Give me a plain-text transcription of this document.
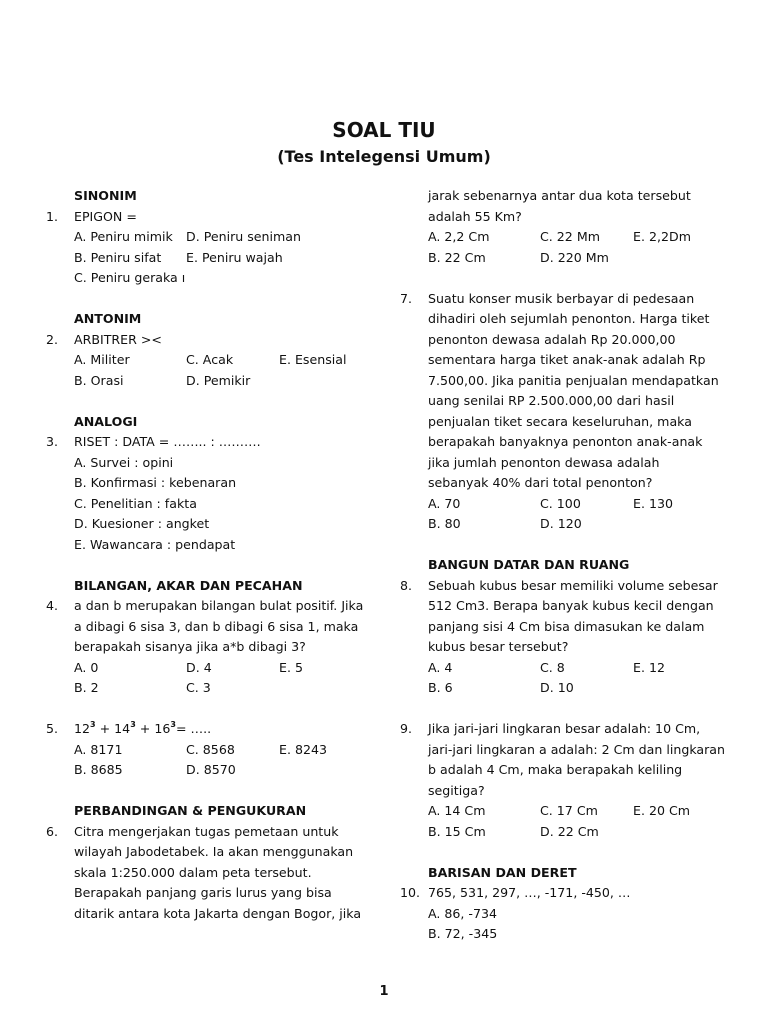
SOAL TIU
(Tes Intelegensi Umum)
SINONIM
1.	EPIGON =
A. Peniru mimik	D. Peniru seniman
B. Peniru sifat	E. Peniru wajah
C. Peniru geraka ı
ANTONIM
2.	ARBITRER ><
A. Militer	C. Acak	E. Esensial
B. Orasi	D. Pemikir
ANALOGI
3.	RISET : DATA = …….. : ……….
A. Survei : opini
B. Konfirmasi : kebenaran
C. Penelitian : fakta
D. Kuesioner : angket
E. Wawancara : pendapat
BILANGAN, AKAR DAN PECAHAN
4.	a dan b merupakan bilangan bulat positif. Jika
a dibagi 6 sisa 3, dan b dibagi 6 sisa 1, maka
berapakah sisanya jika a*b dibagi 3?
A. 0	D. 4	E. 5
B. 2	C. 3
5.	$12^3 + 14^3 + 16^3=$ …..
A. 8171	C. 8568	E. 8243
B. 8685	D. 8570
PERBANDINGAN & PENGUKURAN
6.	Citra mengerjakan tugas pemetaan untuk
wilayah Jabodetabek. Ia akan menggunakan
skala 1:250.000 dalam peta tersebut.
Berapakah panjang garis lurus yang bisa
ditarik antara kota Jakarta dengan Bogor, jika
jarak sebenarnya antar dua kota tersebut
adalah 55 Km?
A. 2,2 Cm	C. 22 Mm	E. 2,2Dm
B. 22 Cm	D. 220 Mm
7.	Suatu konser musik berbayar di pedesaan
dihadiri oleh sejumlah penonton. Harga tiket
penonton dewasa adalah Rp 20.000,00
sementara harga tiket anak-anak adalah Rp
7.500,00. Jika panitia penjualan mendapatkan
uang senilai RP 2.500.000,00 dari hasil
penjualan tiket secara keseluruhan, maka
berapakah banyaknya penonton anak-anak
jika jumlah penonton dewasa adalah
sebanyak 40% dari total penonton?
A. 70	C. 100	E. 130
B. 80	D. 120
BANGUN DATAR DAN RUANG
8.	Sebuah kubus besar memiliki volume sebesar
512 Cm3. Berapa banyak kubus kecil dengan
panjang sisi 4 Cm bisa dimasukan ke dalam
kubus besar tersebut?
A. 4	C. 8	E. 12
B. 6	D. 10
9.	Jika jari-jari lingkaran besar adalah: 10 Cm,
jari-jari lingkaran a adalah: 2 Cm dan lingkaran
b adalah 4 Cm, maka berapakah keliling
segitiga?
A. 14 Cm	C. 17 Cm	E. 20 Cm
B. 15 Cm	D. 22 Cm
BARISAN DAN DERET
10. 765, 531, 297, …, -171, -450, …
A. 86, -734
B. 72, -345
1
